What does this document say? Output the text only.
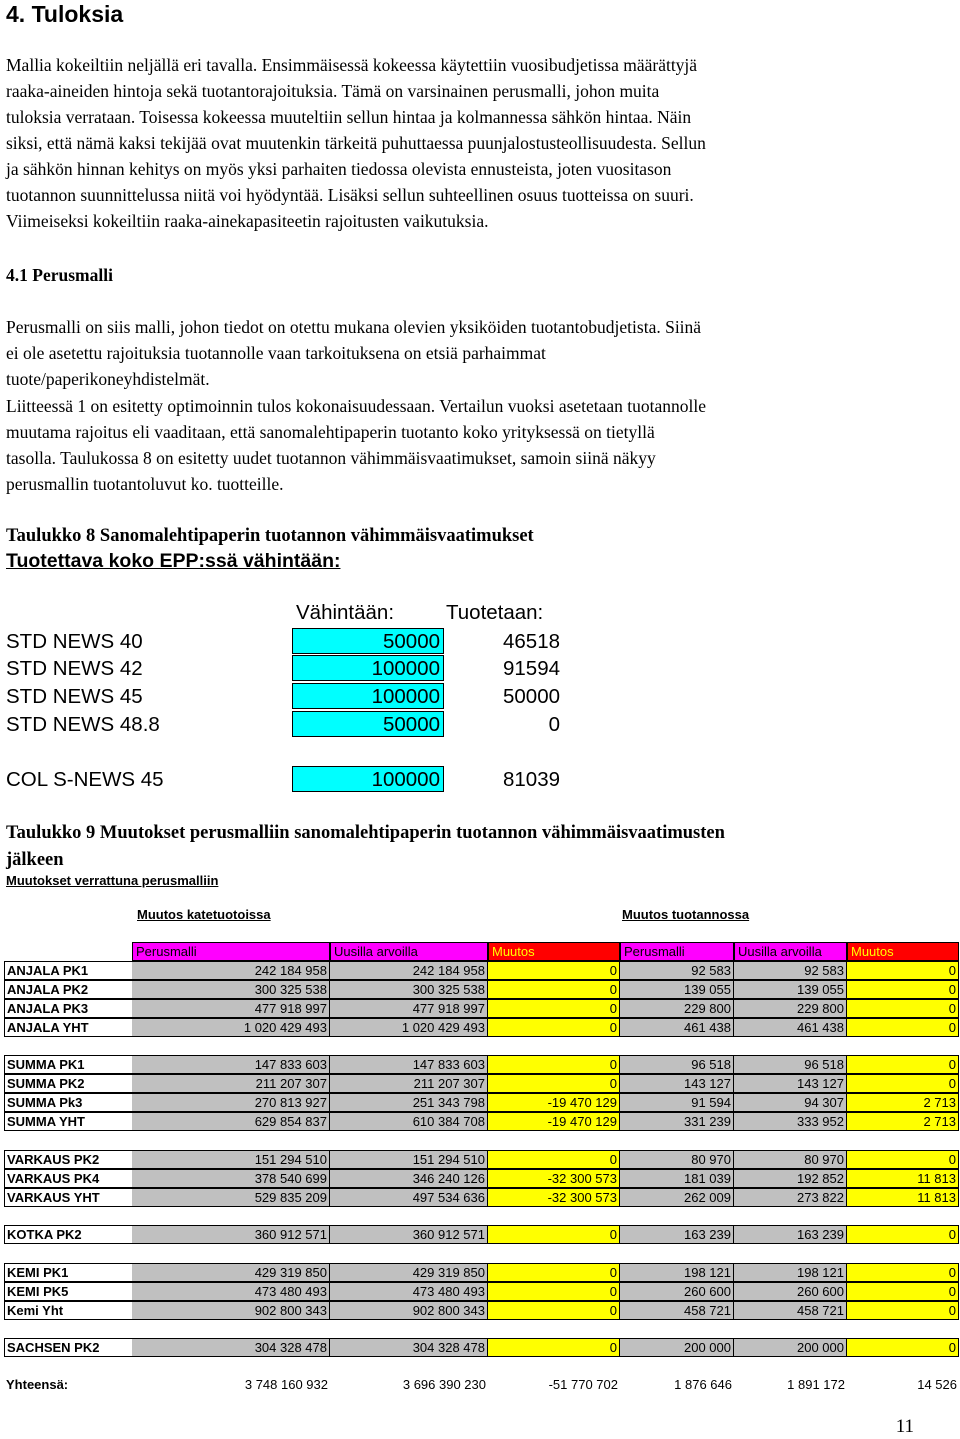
4. Tuloksia
Mallia kokeiltiin neljällä eri tavalla. Ensimmäisessä kokeessa käytettiin vuosibudjetissa määrättyjä
raaka-aineiden hintoja sekä tuotantorajoituksia. Tämä on varsinainen perusmalli, johon muita
tuloksia verrataan. Toisessa kokeessa muuteltiin sellun hintaa ja kolmannessa sähkön hintaa. Näin
siksi, että nämä kaksi tekijää ovat muutenkin tärkeitä puhuttaessa puunjalostusteollisuudesta. Sellun
ja sähkön hinnan kehitys on myös yksi parhaiten tiedossa olevista ennusteista, joten vuositason
tuotannon suunnittelussa niitä voi hyödyntää. Lisäksi sellun suhteellinen osuus tuotteissa on suuri.
Viimeiseksi kokeiltiin raaka-ainekapasiteetin rajoitusten vaikutuksia.
4.1 Perusmalli
Perusmalli on siis malli, johon tiedot on otettu mukana olevien yksiköiden tuotantobudjetista. Siinä
ei ole asetettu rajoituksia tuotannolle vaan tarkoituksena on etsiä parhaimmat
tuote/paperikoneyhdistelmät.
Liitteessä 1 on esitetty optimoinnin tulos kokonaisuudessaan. Vertailun vuoksi asetetaan tuotannolle
muutama rajoitus eli vaaditaan, että sanomalehtipaperin tuotanto koko yrityksessä on tietyllä
tasolla. Taulukossa 8 on esitetty uudet tuotannon vähimmäisvaatimukset, samoin siinä näkyy
perusmallin tuotantoluvut ko. tuotteille.
Taulukko 8 Sanomalehtipaperin tuotannon vähimmäisvaatimukset
Tuotettava koko EPP:ssä vähintään:
Vähintään:	Tuotetaan:
STD NEWS 40	50000	46518
STD NEWS 42	100000	91594
STD NEWS 45	100000	50000
STD NEWS 48.8	50000	0
COL S-NEWS 45	100000	81039
Taulukko 9 Muutokset perusmalliin sanomalehtipaperin tuotannon vähimmäisvaatimusten
jälkeen
Muutokset verrattuna perusmalliin
Muutos katetuotoissa	Muutos tuotannossa
Perusmalli	Uusilla arvoilla	Muutos	Perusmalli	Uusilla arvoilla	Muutos
ANJALA PK1	242 184 958	242 184 958	0	92 583	92 583	0
ANJALA PK2	300 325 538	300 325 538	0	139 055	139 055	0
ANJALA PK3	477 918 997	477 918 997	0	229 800	229 800	0
ANJALA YHT	1 020 429 493	1 020 429 493	0	461 438	461 438	0
SUMMA PK1	147 833 603	147 833 603	0	96 518	96 518	0
SUMMA PK2	211 207 307	211 207 307	0	143 127	143 127	0
SUMMA Pk3	270 813 927	251 343 798	-19 470 129	91 594	94 307	2 713
SUMMA YHT	629 854 837	610 384 708	-19 470 129	331 239	333 952	2 713
VARKAUS PK2	151 294 510	151 294 510	0	80 970	80 970	0
VARKAUS PK4	378 540 699	346 240 126	-32 300 573	181 039	192 852	11 813
VARKAUS YHT	529 835 209	497 534 636	-32 300 573	262 009	273 822	11 813
KOTKA PK2	360 912 571	360 912 571	0	163 239	163 239	0
KEMI PK1	429 319 850	429 319 850	0	198 121	198 121	0
KEMI PK5	473 480 493	473 480 493	0	260 600	260 600	0
Kemi Yht	902 800 343	902 800 343	0	458 721	458 721	0
SACHSEN PK2	304 328 478	304 328 478	0	200 000	200 000	0
Yhteensä:	3 748 160 932	3 696 390 230	-51 770 702	1 876 646	1 891 172	14 526
11
